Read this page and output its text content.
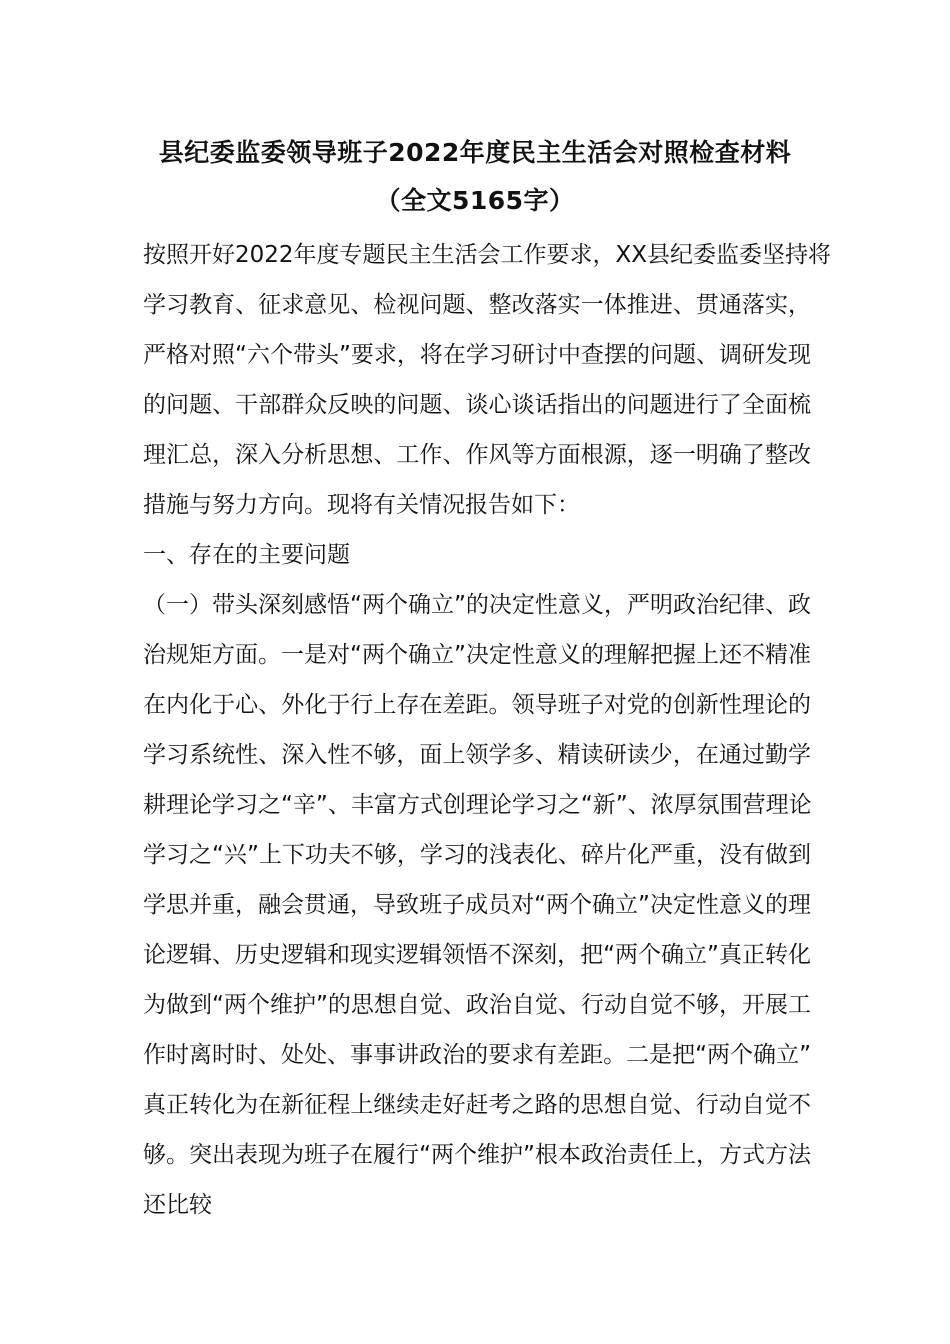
县纪委监委领导班子2022年度民主生活会对照检查材料
（全文5165字）
按照开好2022年度专题民主生活会工作要求，XX县纪委监委坚持将
学习教育、征求意见、检视问题、整改落实一体推进、贯通落实，
严格对照“六个带头”要求，将在学习研讨中查摆的问题、调研发现
的问题、干部群众反映的问题、谈心谈话指出的问题进行了全面梳
理汇总，深入分析思想、工作、作风等方面根源，逐一明确了整改
措施与努力方向。现将有关情况报告如下：
一、存在的主要问题
（一）带头深刻感悟“两个确立”的决定性意义，严明政治纪律、政
治规矩方面。一是对“两个确立”决定性意义的理解把握上还不精准
在内化于心、外化于行上存在差距。领导班子对党的创新性理论的
学习系统性、深入性不够，面上领学多、精读研读少，在通过勤学
耕理论学习之“辛”、丰富方式创理论学习之“新”、浓厚氛围营理论
学习之“兴”上下功夫不够，学习的浅表化、碎片化严重，没有做到
学思并重，融会贯通，导致班子成员对“两个确立”决定性意义的理
论逻辑、历史逻辑和现实逻辑领悟不深刻，把“两个确立”真正转化
为做到“两个维护”的思想自觉、政治自觉、行动自觉不够，开展工
作时离时时、处处、事事讲政治的要求有差距。二是把“两个确立”
真正转化为在新征程上继续走好赶考之路的思想自觉、行动自觉不
够。突出表现为班子在履行“两个维护”根本政治责任上，方式方法
还比较
